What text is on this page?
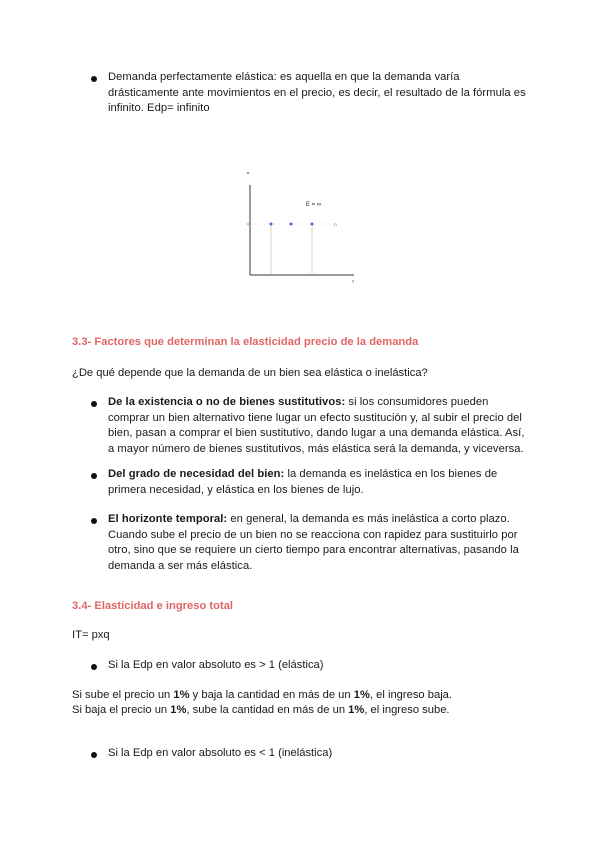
Demanda perfectamente elástica: es aquella en que la demanda varía drásticamente ante movimientos en el precio, es decir, el resultado de la fórmula es infinito. Edp= infinito
E = ∞
D
q
3.3- Factores que determinan la elasticidad precio de la demanda
¿De qué depende que la demanda de un bien sea elástica o inelástica?
De la existencia o no de bienes sustitutivos: si los consumidores pueden comprar un bien alternativo tiene lugar un efecto sustitución y, al subir el precio del bien, pasan a comprar el bien sustitutivo, dando lugar a una demanda elástica. Así, a mayor número de bienes sustitutivos, más elástica será la demanda, y viceversa.
Del grado de necesidad del bien: la demanda es inelástica en los bienes de primera necesidad, y elástica en los bienes de lujo.
El horizonte temporal: en general, la demanda es más inelástica a corto plazo. Cuando sube el precio de un bien no se reacciona con rapidez para sustituirlo por otro, sino que se requiere un cierto tiempo para encontrar alternativas, pasando la demanda a ser más elástica.
3.4- Elasticidad e ingreso total
IT= pxq
Si la Edp en valor absoluto es > 1 (elástica)
Si sube el precio un 1% y baja la cantidad en más de un 1%, el ingreso baja.
Si baja el precio un 1%, sube la cantidad en más de un 1%, el ingreso sube.
Si la Edp en valor absoluto es < 1 (inelástica)
